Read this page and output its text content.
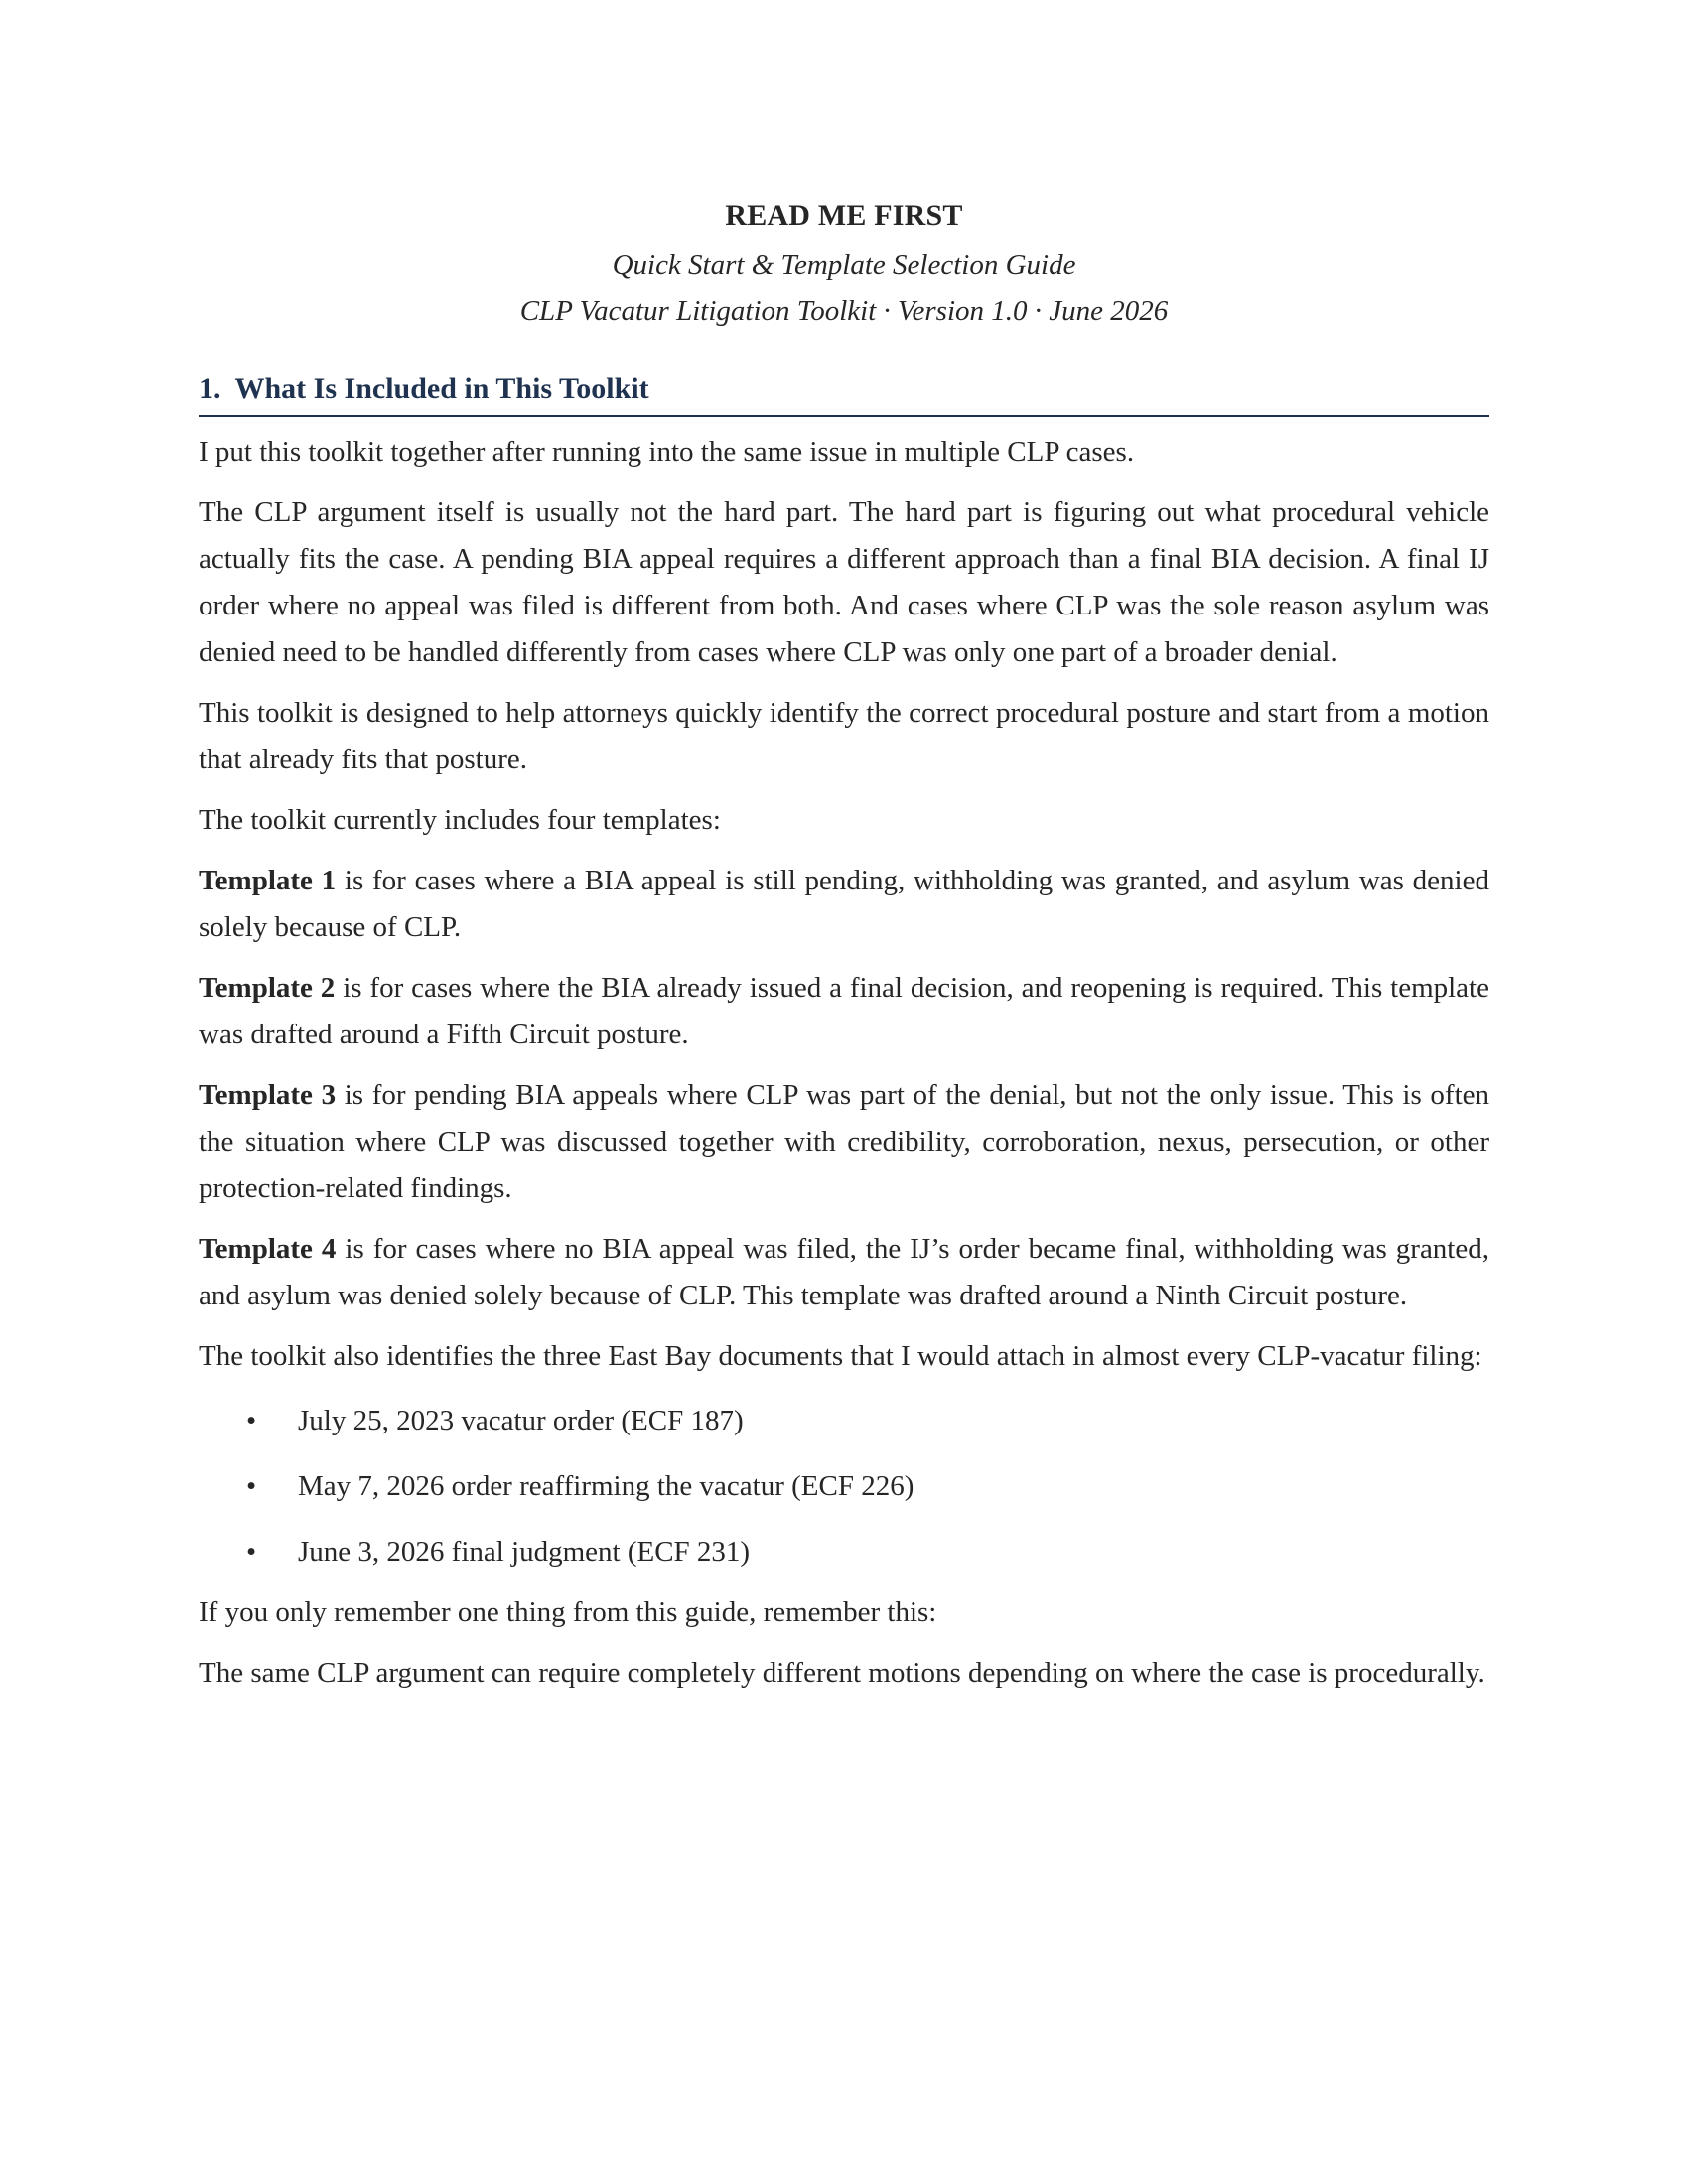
READ ME FIRST

Quick Start & Template Selection Guide

CLP Vacatur Litigation Toolkit · Version 1.0 · June 2026

1. What Is Included in This Toolkit

I put this toolkit together after running into the same issue in multiple CLP cases.

The CLP argument itself is usually not the hard part. The hard part is figuring out what procedural vehicle actually fits the case. A pending BIA appeal requires a different approach than a final BIA decision. A final IJ order where no appeal was filed is different from both. And cases where CLP was the sole reason asylum was denied need to be handled differently from cases where CLP was only one part of a broader denial.

This toolkit is designed to help attorneys quickly identify the correct procedural posture and start from a motion that already fits that posture.

The toolkit currently includes four templates:

Template 1 is for cases where a BIA appeal is still pending, withholding was granted, and asylum was denied solely because of CLP.

Template 2 is for cases where the BIA already issued a final decision, and reopening is required. This template was drafted around a Fifth Circuit posture.

Template 3 is for pending BIA appeals where CLP was part of the denial, but not the only issue. This is often the situation where CLP was discussed together with credibility, corroboration, nexus, persecution, or other protection-related findings.

Template 4 is for cases where no BIA appeal was filed, the IJ’s order became final, withholding was granted, and asylum was denied solely because of CLP. This template was drafted around a Ninth Circuit posture.

The toolkit also identifies the three East Bay documents that I would attach in almost every CLP-vacatur filing:

• July 25, 2023 vacatur order (ECF 187)
• May 7, 2026 order reaffirming the vacatur (ECF 226)
• June 3, 2026 final judgment (ECF 231)

If you only remember one thing from this guide, remember this:

The same CLP argument can require completely different motions depending on where the case is procedurally.
